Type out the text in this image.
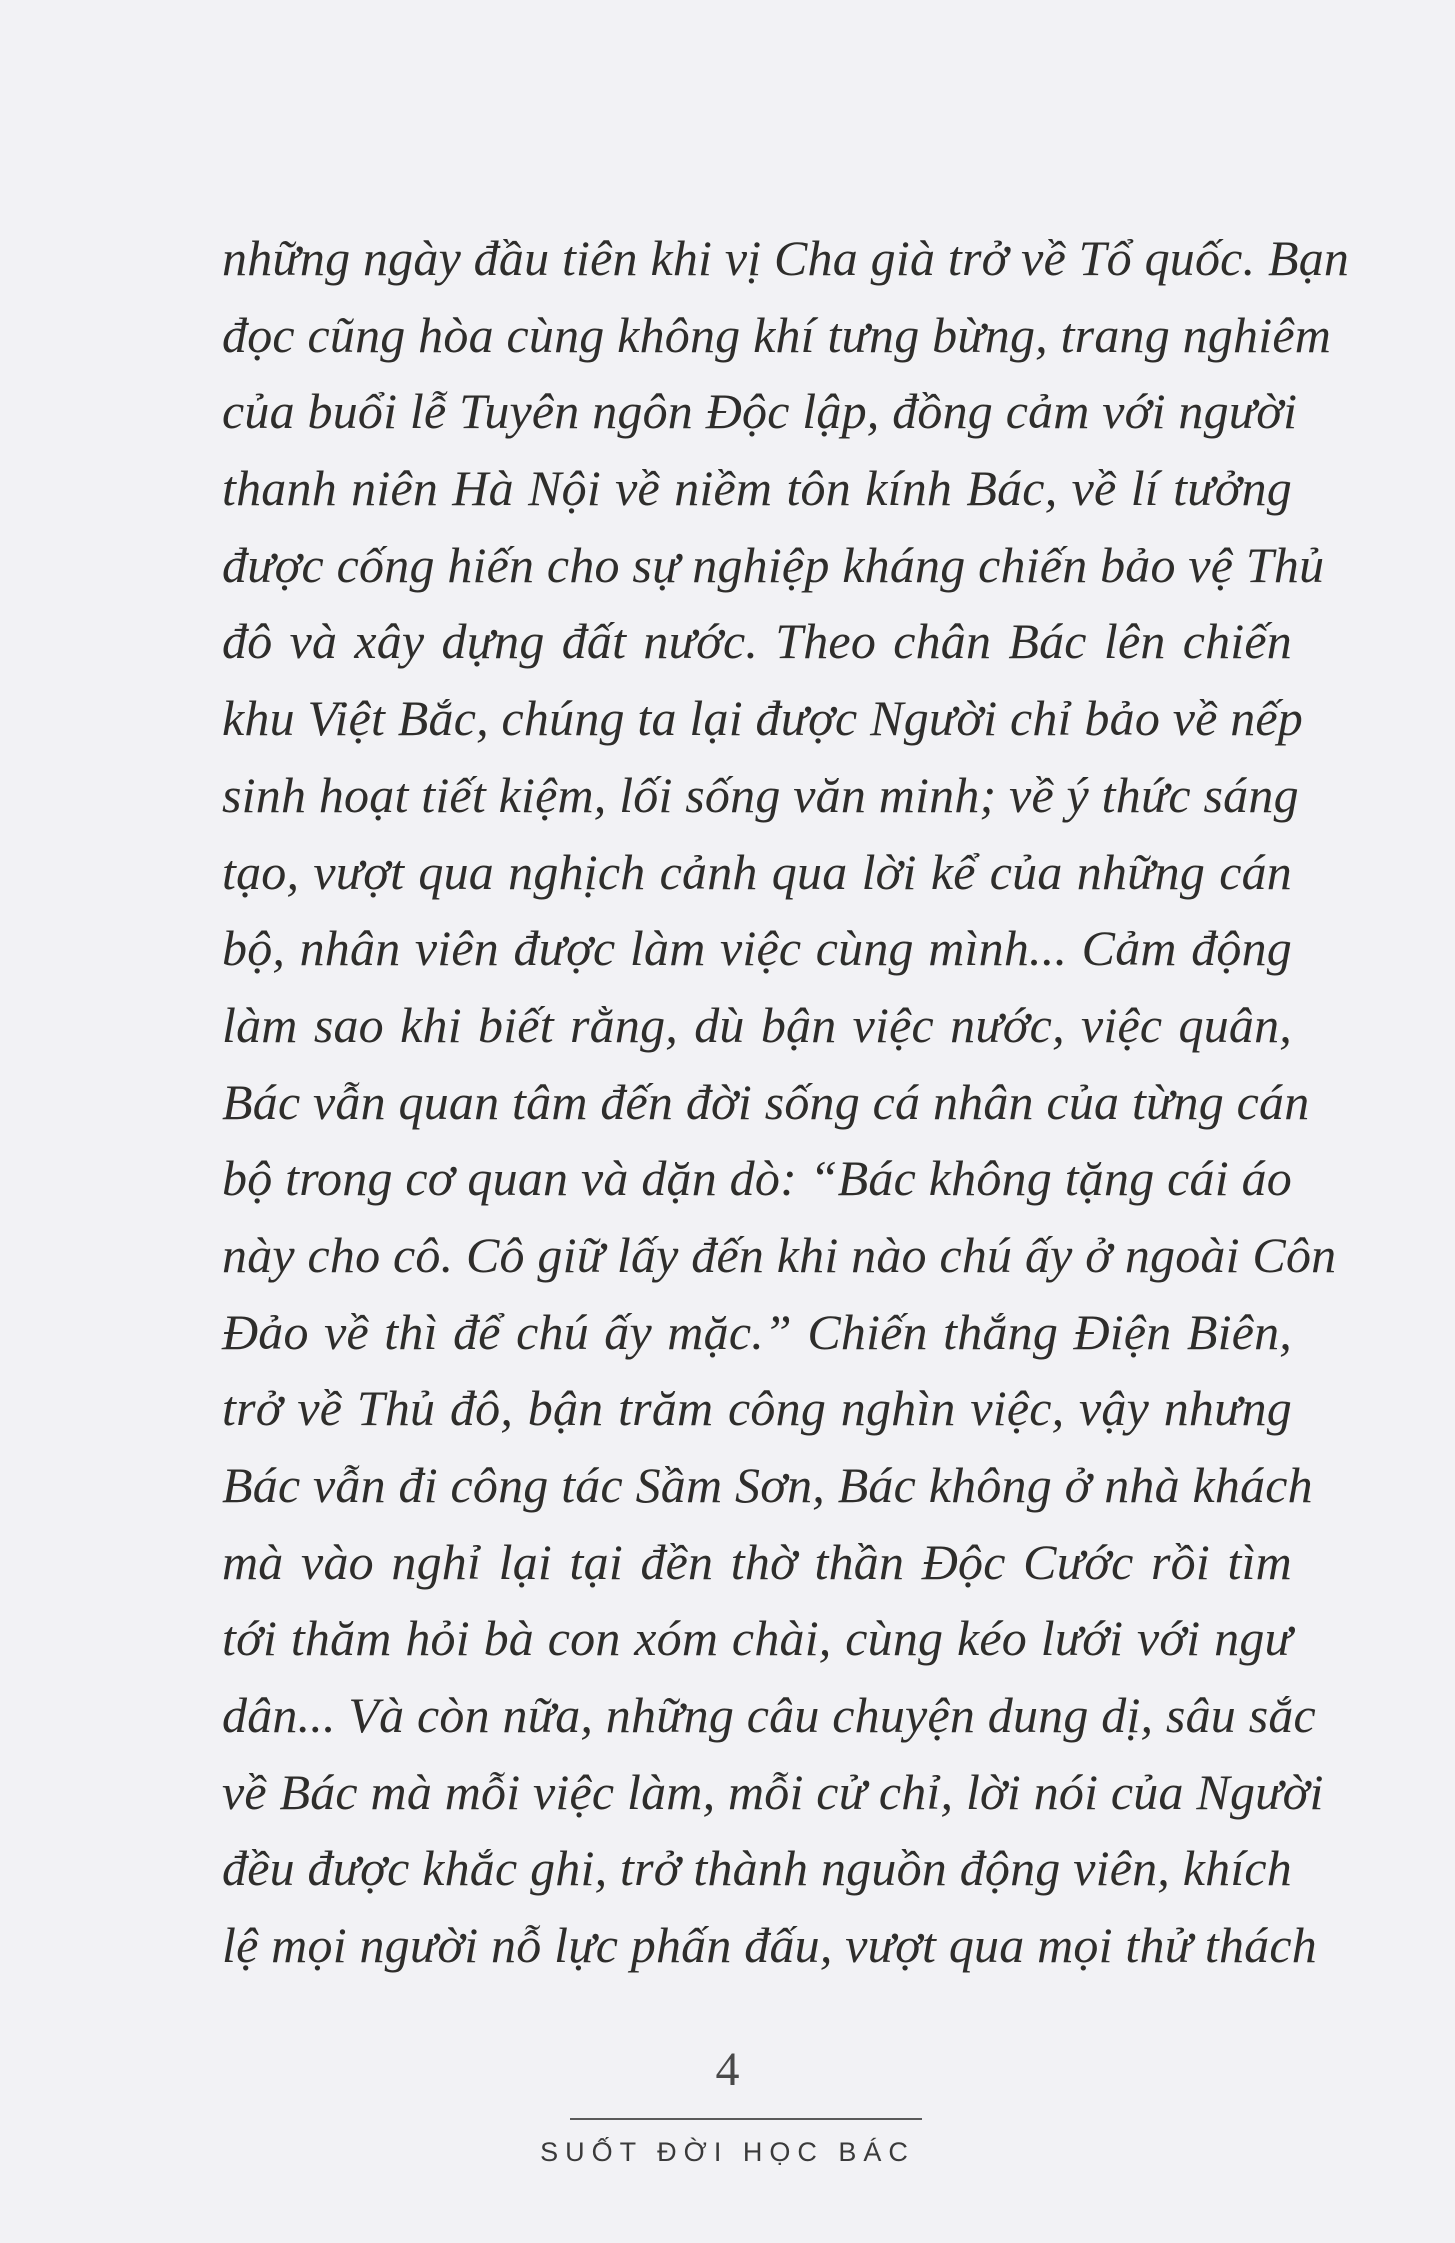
những ngày đầu tiên khi vị Cha già trở về Tổ quốc. Bạn
đọc cũng hòa cùng không khí tưng bừng, trang nghiêm
của buổi lễ Tuyên ngôn Độc lập, đồng cảm với người
thanh niên Hà Nội về niềm tôn kính Bác, về lí tưởng
được cống hiến cho sự nghiệp kháng chiến bảo vệ Thủ
đô và xây dựng đất nước. Theo chân Bác lên chiến
khu Việt Bắc, chúng ta lại được Người chỉ bảo về nếp
sinh hoạt tiết kiệm, lối sống văn minh; về ý thức sáng
tạo, vượt qua nghịch cảnh qua lời kể của những cán
bộ, nhân viên được làm việc cùng mình... Cảm động
làm sao khi biết rằng, dù bận việc nước, việc quân,
Bác vẫn quan tâm đến đời sống cá nhân của từng cán
bộ trong cơ quan và dặn dò: “Bác không tặng cái áo
này cho cô. Cô giữ lấy đến khi nào chú ấy ở ngoài Côn
Đảo về thì để chú ấy mặc.” Chiến thắng Điện Biên,
trở về Thủ đô, bận trăm công nghìn việc, vậy nhưng
Bác vẫn đi công tác Sầm Sơn, Bác không ở nhà khách
mà vào nghỉ lại tại đền thờ thần Độc Cước rồi tìm
tới thăm hỏi bà con xóm chài, cùng kéo lưới với ngư
dân... Và còn nữa, những câu chuyện dung dị, sâu sắc
về Bác mà mỗi việc làm, mỗi cử chỉ, lời nói của Người
đều được khắc ghi, trở thành nguồn động viên, khích
lệ mọi người nỗ lực phấn đấu, vượt qua mọi thử thách
4
SUỐT ĐỜI HỌC BÁC
